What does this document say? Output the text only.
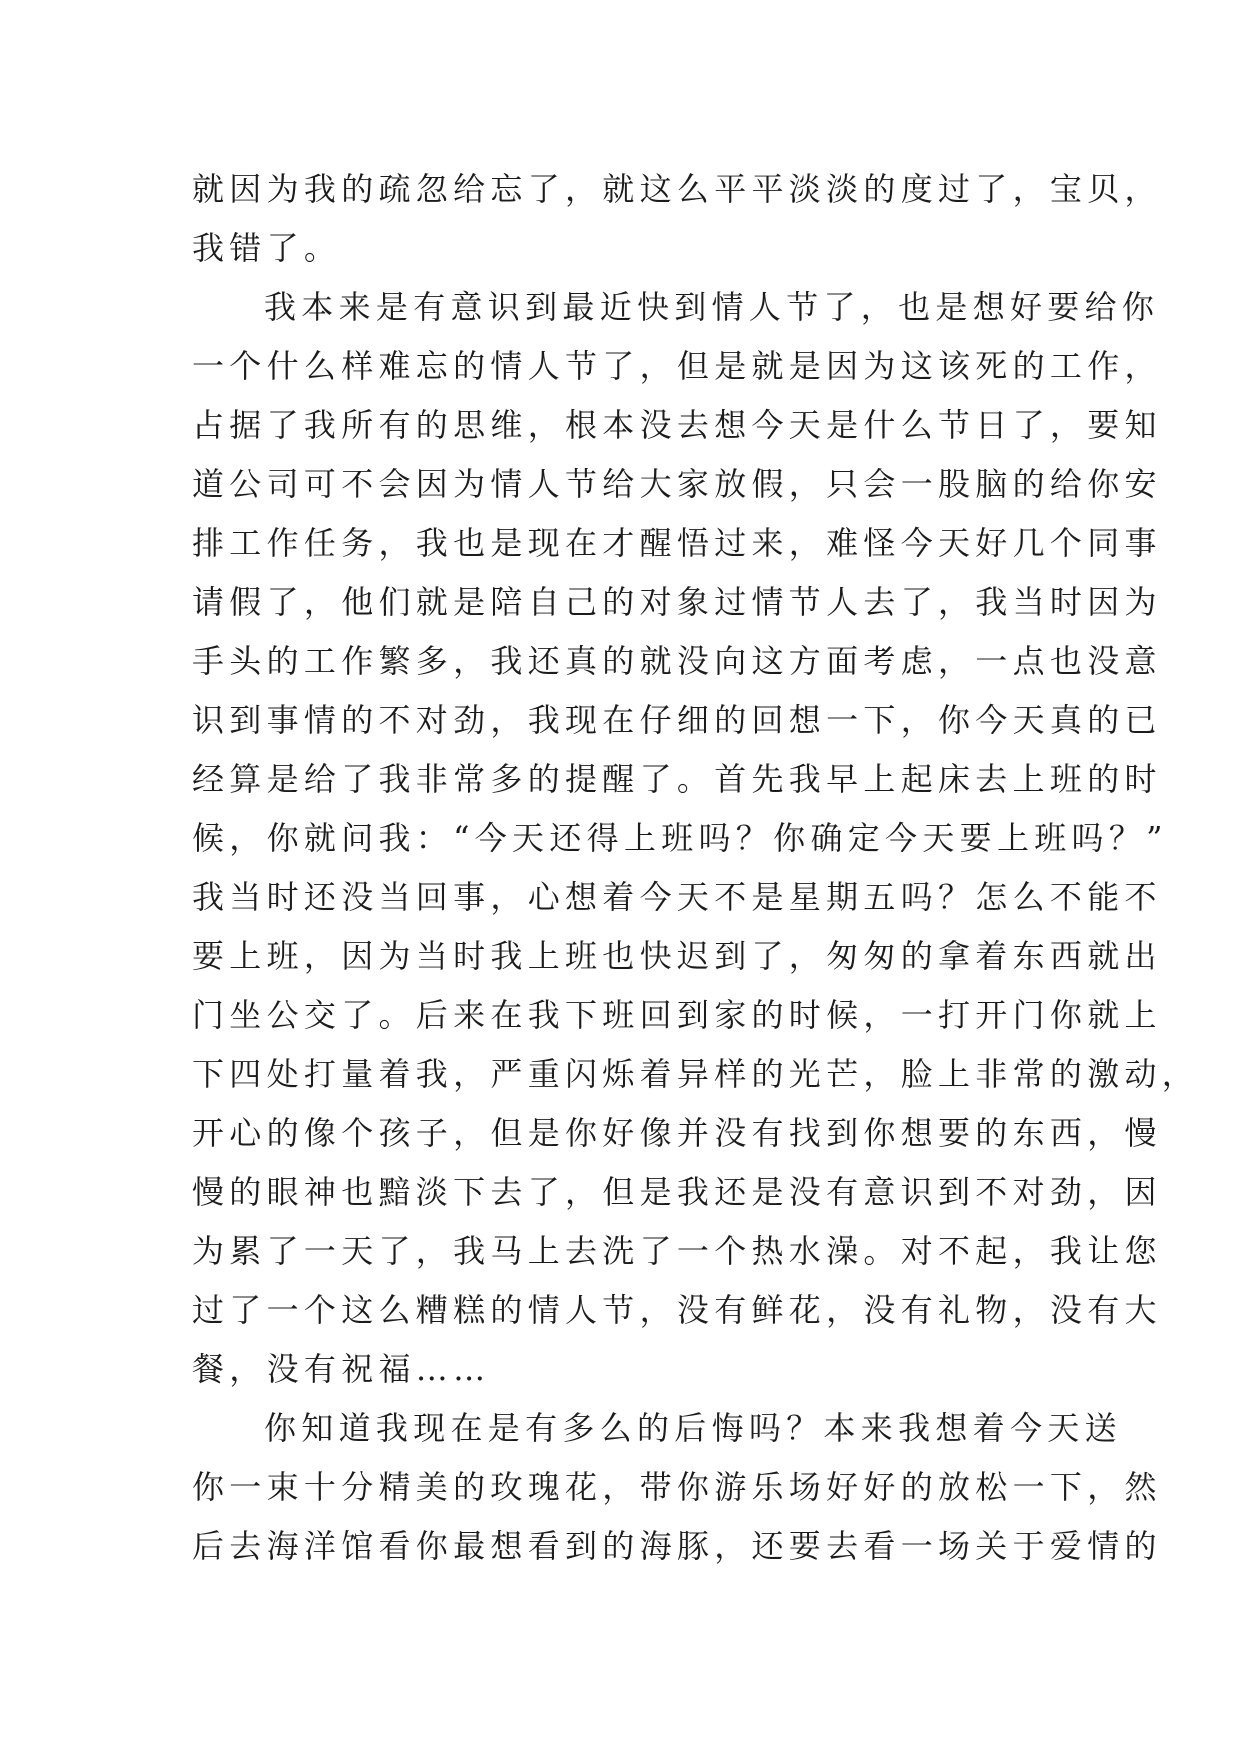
就因为我的疏忽给忘了，就这么平平淡淡的度过了，宝贝，
我错了。
我本来是有意识到最近快到情人节了，也是想好要给你
一个什么样难忘的情人节了，但是就是因为这该死的工作，
占据了我所有的思维，根本没去想今天是什么节日了，要知
道公司可不会因为情人节给大家放假，只会一股脑的给你安
排工作任务，我也是现在才醒悟过来，难怪今天好几个同事
请假了，他们就是陪自己的对象过情节人去了，我当时因为
手头的工作繁多，我还真的就没向这方面考虑，一点也没意
识到事情的不对劲，我现在仔细的回想一下，你今天真的已
经算是给了我非常多的提醒了。首先我早上起床去上班的时
候，你就问我：“今天还得上班吗？你确定今天要上班吗？”
我当时还没当回事，心想着今天不是星期五吗？怎么不能不
要上班，因为当时我上班也快迟到了，匆匆的拿着东西就出
门坐公交了。后来在我下班回到家的时候，一打开门你就上
下四处打量着我，严重闪烁着异样的光芒，脸上非常的激动，
开心的像个孩子，但是你好像并没有找到你想要的东西，慢
慢的眼神也黯淡下去了，但是我还是没有意识到不对劲，因
为累了一天了，我马上去洗了一个热水澡。对不起，我让您
过了一个这么糟糕的情人节，没有鲜花，没有礼物，没有大
餐，没有祝福……
你知道我现在是有多么的后悔吗？本来我想着今天送
你一束十分精美的玫瑰花，带你游乐场好好的放松一下，然
后去海洋馆看你最想看到的海豚，还要去看一场关于爱情的
